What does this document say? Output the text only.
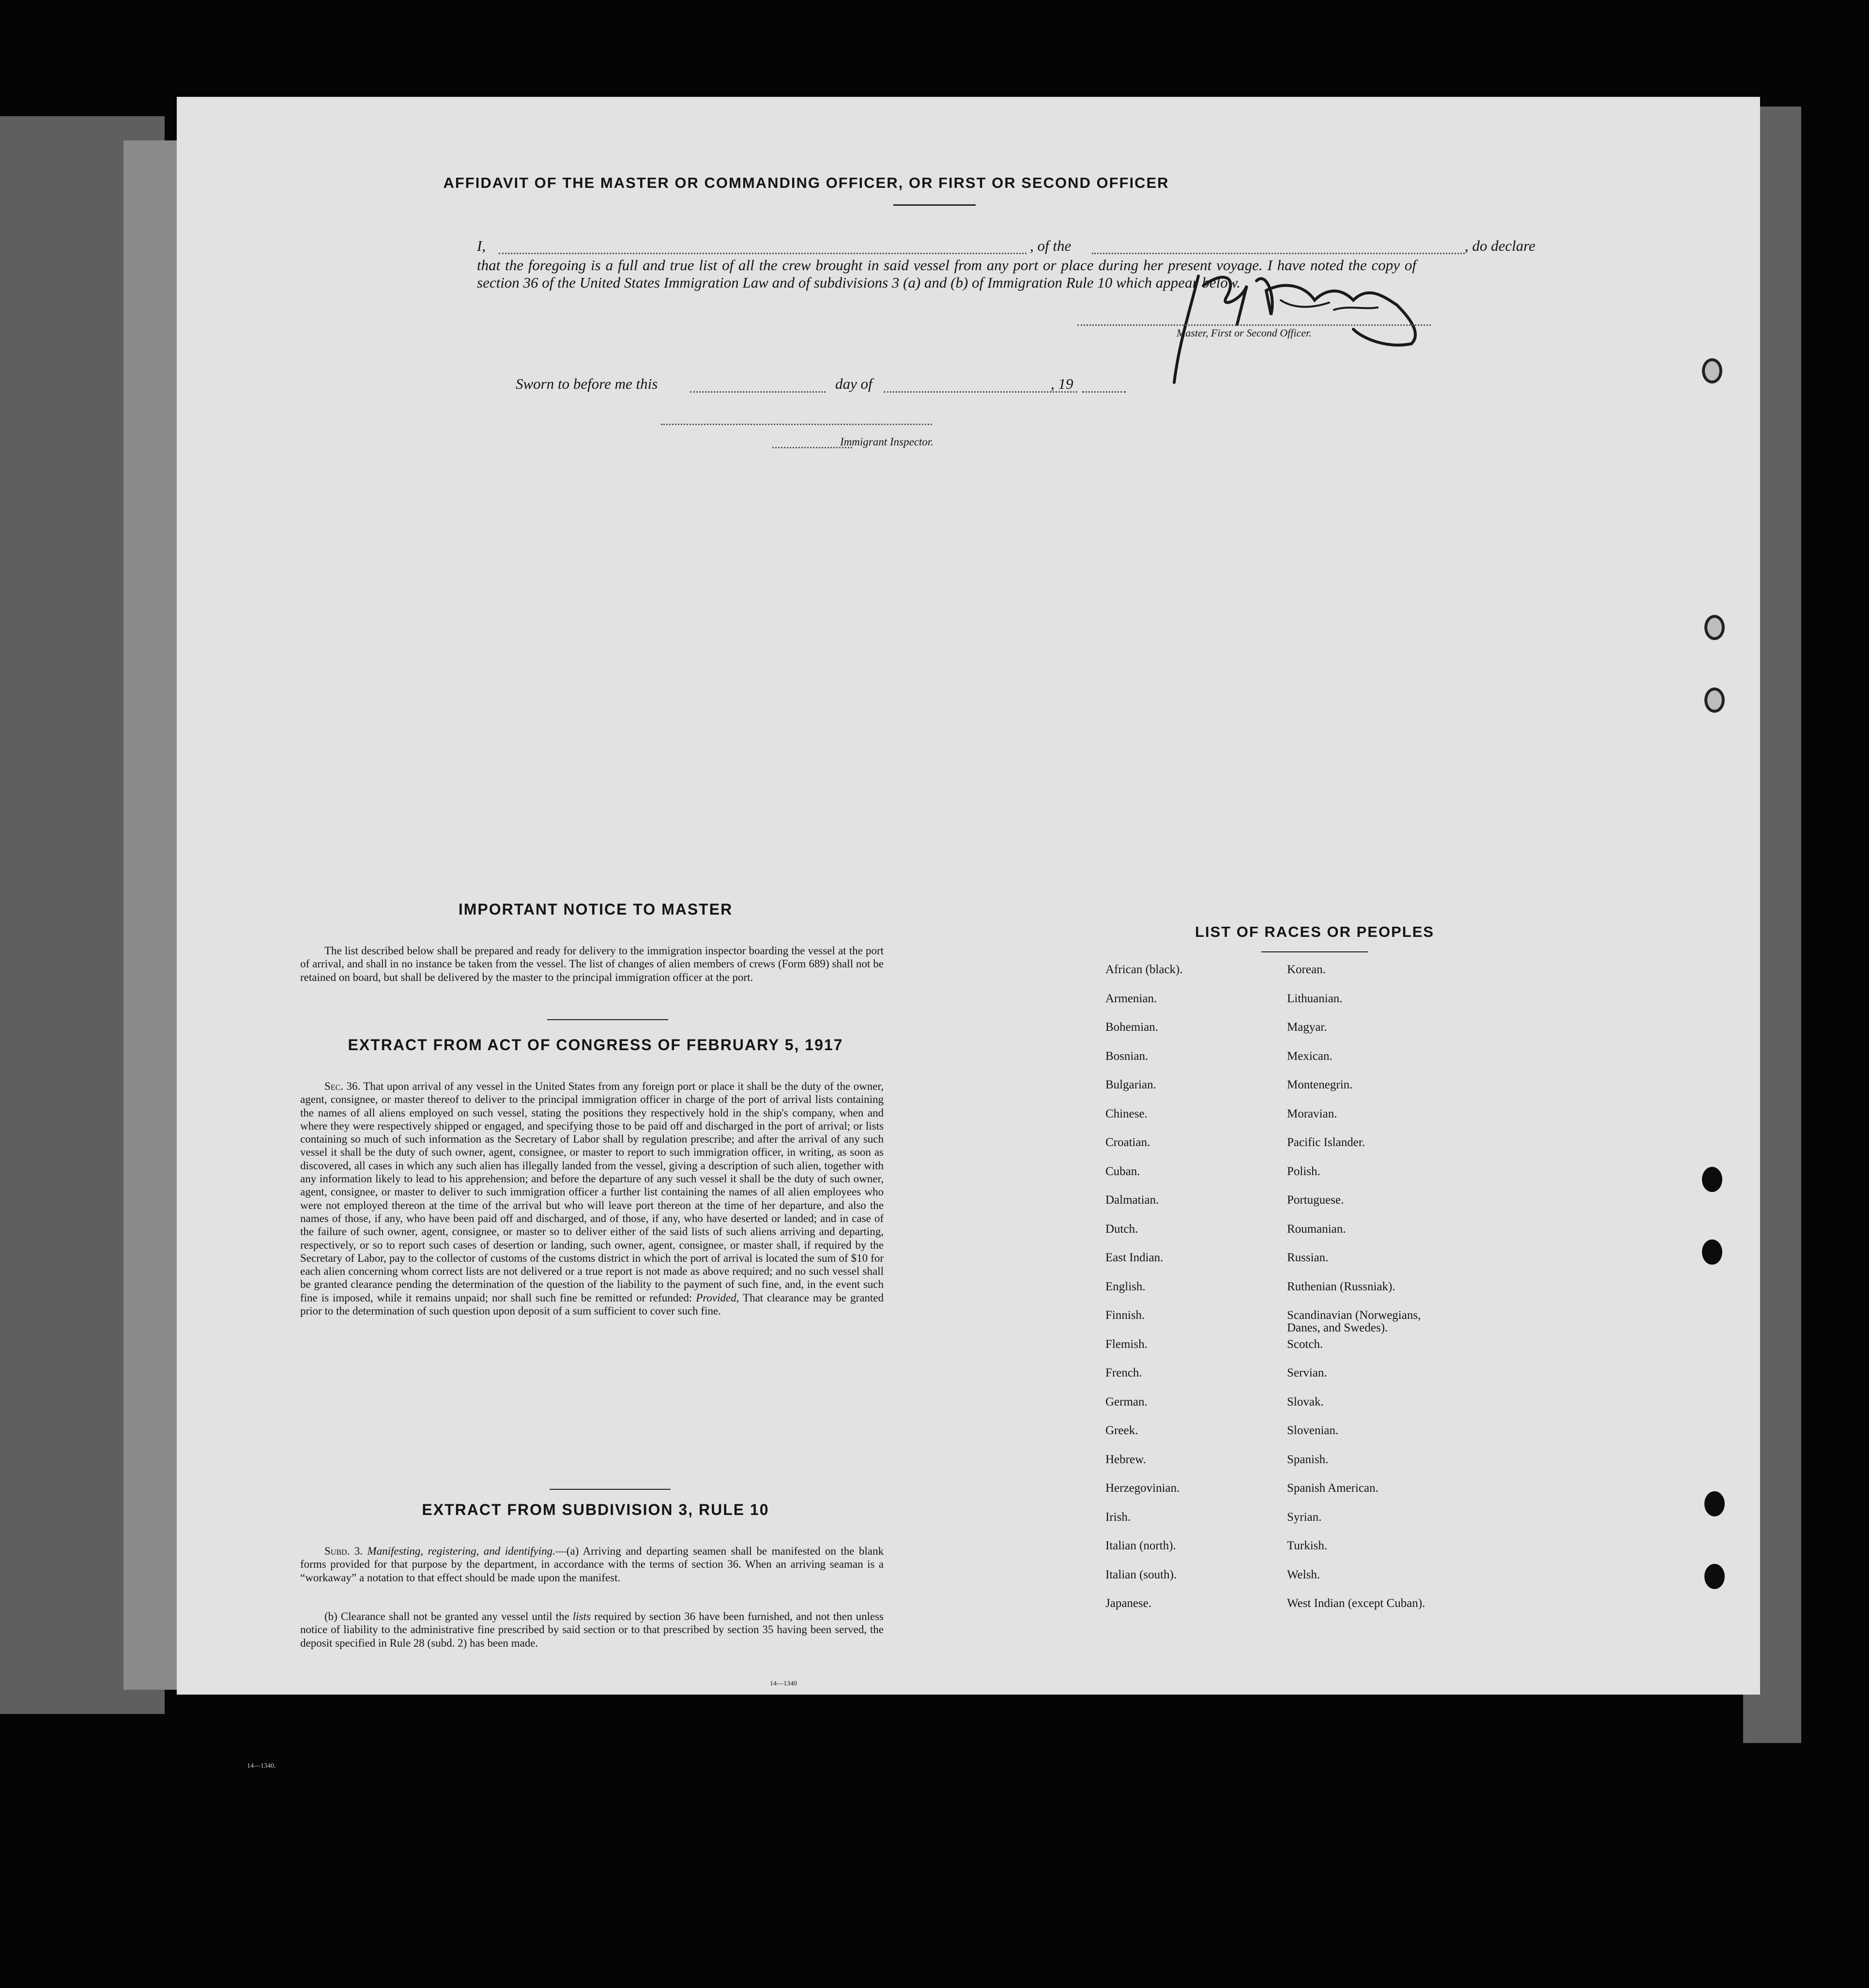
AFFIDAVIT OF THE MASTER OR COMMANDING OFFICER, OR FIRST OR SECOND OFFICER
I,	, of the	, do declare
that the foregoing is a full and true list of all the crew brought in said vessel from any port or place during her present voyage. I have noted the copy of section 36 of the United States Immigration Law and of subdivisions 3 (a) and (b) of Immigration Rule 10 which appear below.
Master, First or Second Officer.
Sworn to before me this	day of	, 19
Immigrant Inspector.
IMPORTANT NOTICE TO MASTER
The list described below shall be prepared and ready for delivery to the immigration inspector boarding the vessel at the port of arrival, and shall in no instance be taken from the vessel. The list of changes of alien members of crews (Form 689) shall not be retained on board, but shall be delivered by the master to the principal immigration officer at the port.
EXTRACT FROM ACT OF CONGRESS OF FEBRUARY 5, 1917
Sec. 36. That upon arrival of any vessel in the United States from any foreign port or place it shall be the duty of the owner, agent, consignee, or master thereof to deliver to the principal immigration officer in charge of the port of arrival lists containing the names of all aliens employed on such vessel, stating the positions they respectively hold in the ship's company, when and where they were respectively shipped or engaged, and specifying those to be paid off and discharged in the port of arrival; or lists containing so much of such information as the Secretary of Labor shall by regulation prescribe; and after the arrival of any such vessel it shall be the duty of such owner, agent, consignee, or master to report to such immigration officer, in writing, as soon as discovered, all cases in which any such alien has illegally landed from the vessel, giving a description of such alien, together with any information likely to lead to his apprehension; and before the departure of any such vessel it shall be the duty of such owner, agent, consignee, or master to deliver to such immigration officer a further list containing the names of all alien employees who were not employed thereon at the time of the arrival but who will leave port thereon at the time of her departure, and also the names of those, if any, who have been paid off and discharged, and of those, if any, who have deserted or landed; and in case of the failure of such owner, agent, consignee, or master so to deliver either of the said lists of such aliens arriving and departing, respectively, or so to report such cases of desertion or landing, such owner, agent, consignee, or master shall, if required by the Secretary of Labor, pay to the collector of customs of the customs district in which the port of arrival is located the sum of $10 for each alien concerning whom correct lists are not delivered or a true report is not made as above required; and no such vessel shall be granted clearance pending the determination of the question of the liability to the payment of such fine, and, in the event such fine is imposed, while it remains unpaid; nor shall such fine be remitted or refunded: Provided, That clearance may be granted prior to the determination of such question upon deposit of a sum sufficient to cover such fine.
EXTRACT FROM SUBDIVISION 3, RULE 10
Subd. 3. Manifesting, registering, and identifying.—(a) Arriving and departing seamen shall be manifested on the blank forms provided for that purpose by the department, in accordance with the terms of section 36. When an arriving seaman is a “workaway” a notation to that effect should be made upon the manifest.
(b) Clearance shall not be granted any vessel until the lists required by section 36 have been furnished, and not then unless notice of liability to the administrative fine prescribed by said section or to that prescribed by section 35 having been served, the deposit specified in Rule 28 (subd. 2) has been made.
14—1340
LIST OF RACES OR PEOPLES
African (black).	Korean.
Armenian.	Lithuanian.
Bohemian.	Magyar.
Bosnian.	Mexican.
Bulgarian.	Montenegrin.
Chinese.	Moravian.
Croatian.	Pacific Islander.
Cuban.	Polish.
Dalmatian.	Portuguese.
Dutch.	Roumanian.
East Indian.	Russian.
English.	Ruthenian (Russniak).
Finnish.	Scandinavian (Norwegians,
Danes, and Swedes).
Flemish.	Scotch.
French.	Servian.
German.	Slovak.
Greek.	Slovenian.
Hebrew.	Spanish.
Herzegovinian.	Spanish American.
Irish.	Syrian.
Italian (north).	Turkish.
Italian (south).	Welsh.
Japanese.	West Indian (except Cuban).
14—1340.
